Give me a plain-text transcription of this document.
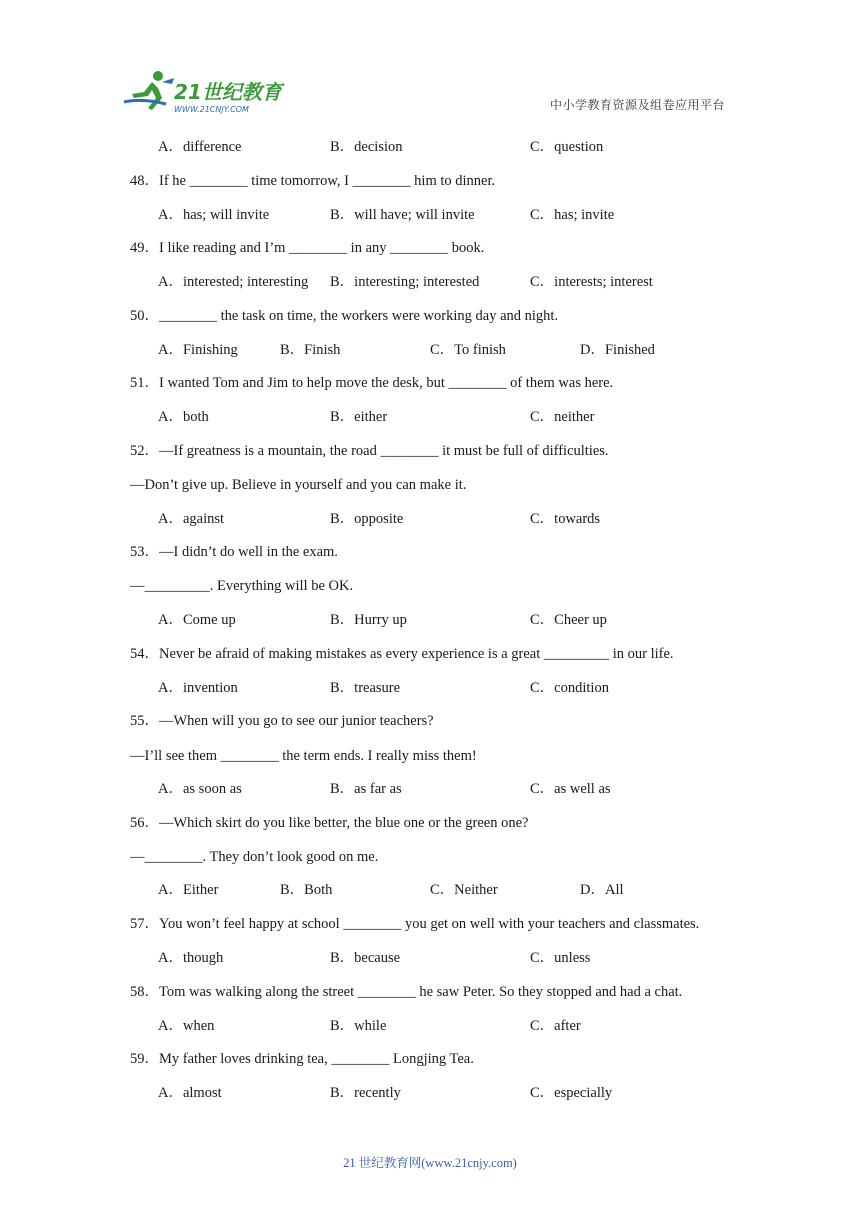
21世纪教育
WWW.21CNJY.COM	中小学教育资源及组卷应用平台
A．difference	B．decision	C．question
48．If he ________ time tomorrow, I ________ him to dinner.
A．has; will invite	B．will have; will invite	C．has; invite
49．I like reading and I’m ________ in any ________ book.
A．interested; interesting B．interesting; interested	C．interests; interest
50．________ the task on time, the workers were working day and night.
A．Finishing	B．Finish	C．To finish	D．Finished
51．I wanted Tom and Jim to help move the desk, but ________ of them was here.
A．both	B．either	C．neither
52．—If greatness is a mountain, the road ________ it must be full of difficulties.
—Don’t give up. Believe in yourself and you can make it.
A．against	B．opposite	C．towards
53．—I didn’t do well in the exam.
—_________. Everything will be OK.
A．Come up	B．Hurry up	C．Cheer up
54．Never be afraid of making mistakes as every experience is a great _________ in our life.
A．invention	B．treasure	C．condition
55．—When will you go to see our junior teachers?
—I’ll see them ________ the term ends. I really miss them!
A．as soon as	B．as far as	C．as well as
56．—Which skirt do you like better, the blue one or the green one?
—________. They don’t look good on me.
A．Either	B．Both	C．Neither	D．All
57．You won’t feel happy at school ________ you get on well with your teachers and classmates.
A．though	B．because	C．unless
58．Tom was walking along the street ________ he saw Peter. So they stopped and had a chat.
A．when	B．while	C．after
59．My father loves drinking tea, ________ Longjing Tea.
A．almost	B．recently	C．especially
21 世纪教育网(www.21cnjy.com)
